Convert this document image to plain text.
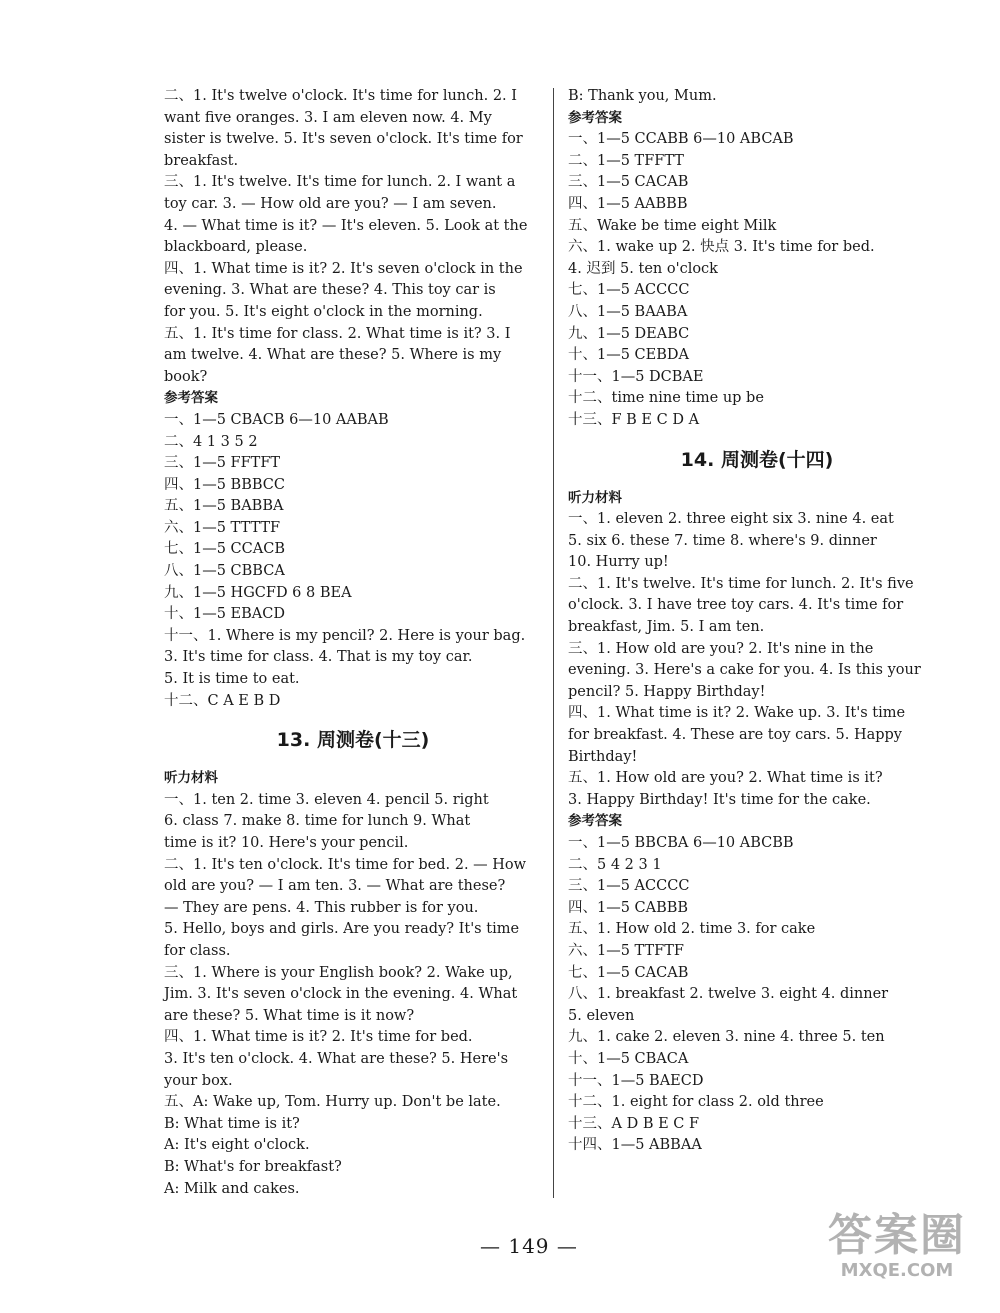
二、1. It's twelve o'clock. It's time for lunch. 2. I
want five oranges. 3. I am eleven now. 4. My
sister is twelve. 5. It's seven o'clock. It's time for
breakfast.
三、1. It's twelve. It's time for lunch. 2. I want a
toy car. 3. — How old are you? — I am seven.
4. — What time is it? — It's eleven. 5. Look at the
blackboard, please.
四、1. What time is it? 2. It's seven o'clock in the
evening. 3. What are these? 4. This toy car is
for you. 5. It's eight o'clock in the morning.
五、1. It's time for class. 2. What time is it? 3. I
am twelve. 4. What are these? 5. Where is my
book?
参考答案
一、1—5 CBACB 6—10 AABAB
二、4 1 3 5 2
三、1—5 FFTFT
四、1—5 BBBCC
五、1—5 BABBA
六、1—5 TTTTF
七、1—5 CCACB
八、1—5 CBBCA
九、1—5 HGCFD 6 8 BEA
十、1—5 EBACD
十一、1. Where is my pencil? 2. Here is your bag.
3. It's time for class. 4. That is my toy car.
5. It is time to eat.
十二、C A E B D
13. 周测卷(十三)
听力材料
一、1. ten 2. time 3. eleven 4. pencil 5. right
6. class 7. make 8. time for lunch 9. What
time is it? 10. Here's your pencil.
二、1. It's ten o'clock. It's time for bed. 2. — How
old are you? — I am ten. 3. — What are these?
— They are pens. 4. This rubber is for you.
5. Hello, boys and girls. Are you ready? It's time
for class.
三、1. Where is your English book? 2. Wake up,
Jim. 3. It's seven o'clock in the evening. 4. What
are these? 5. What time is it now?
四、1. What time is it? 2. It's time for bed.
3. It's ten o'clock. 4. What are these? 5. Here's
your box.
五、A: Wake up, Tom. Hurry up. Don't be late.
B: What time is it?
A: It's eight o'clock.
B: What's for breakfast?
A: Milk and cakes.
B: Thank you, Mum.
参考答案
一、1—5 CCABB 6—10 ABCAB
二、1—5 TFFTT
三、1—5 CACAB
四、1—5 AABBB
五、Wake be time eight Milk
六、1. wake up 2. 快点 3. It's time for bed.
4. 迟到 5. ten o'clock
七、1—5 ACCCC
八、1—5 BAABA
九、1—5 DEABC
十、1—5 CEBDA
十一、1—5 DCBAE
十二、time nine time up be
十三、F B E C D A
14. 周测卷(十四)
听力材料
一、1. eleven 2. three eight six 3. nine 4. eat
5. six 6. these 7. time 8. where's 9. dinner
10. Hurry up!
二、1. It's twelve. It's time for lunch. 2. It's five
o'clock. 3. I have tree toy cars. 4. It's time for
breakfast, Jim. 5. I am ten.
三、1. How old are you? 2. It's nine in the
evening. 3. Here's a cake for you. 4. Is this your
pencil? 5. Happy Birthday!
四、1. What time is it? 2. Wake up. 3. It's time
for breakfast. 4. These are toy cars. 5. Happy
Birthday!
五、1. How old are you? 2. What time is it?
3. Happy Birthday! It's time for the cake.
参考答案
一、1—5 BBCBA 6—10 ABCBB
二、5 4 2 3 1
三、1—5 ACCCC
四、1—5 CABBB
五、1. How old 2. time 3. for cake
六、1—5 TTFTF
七、1—5 CACAB
八、1. breakfast 2. twelve 3. eight 4. dinner
5. eleven
九、1. cake 2. eleven 3. nine 4. three 5. ten
十、1—5 CBACA
十一、1—5 BAECD
十二、1. eight for class 2. old three
十三、A D B E C F
十四、1—5 ABBAA
— 149 —	答案圈
MXQE.COM
